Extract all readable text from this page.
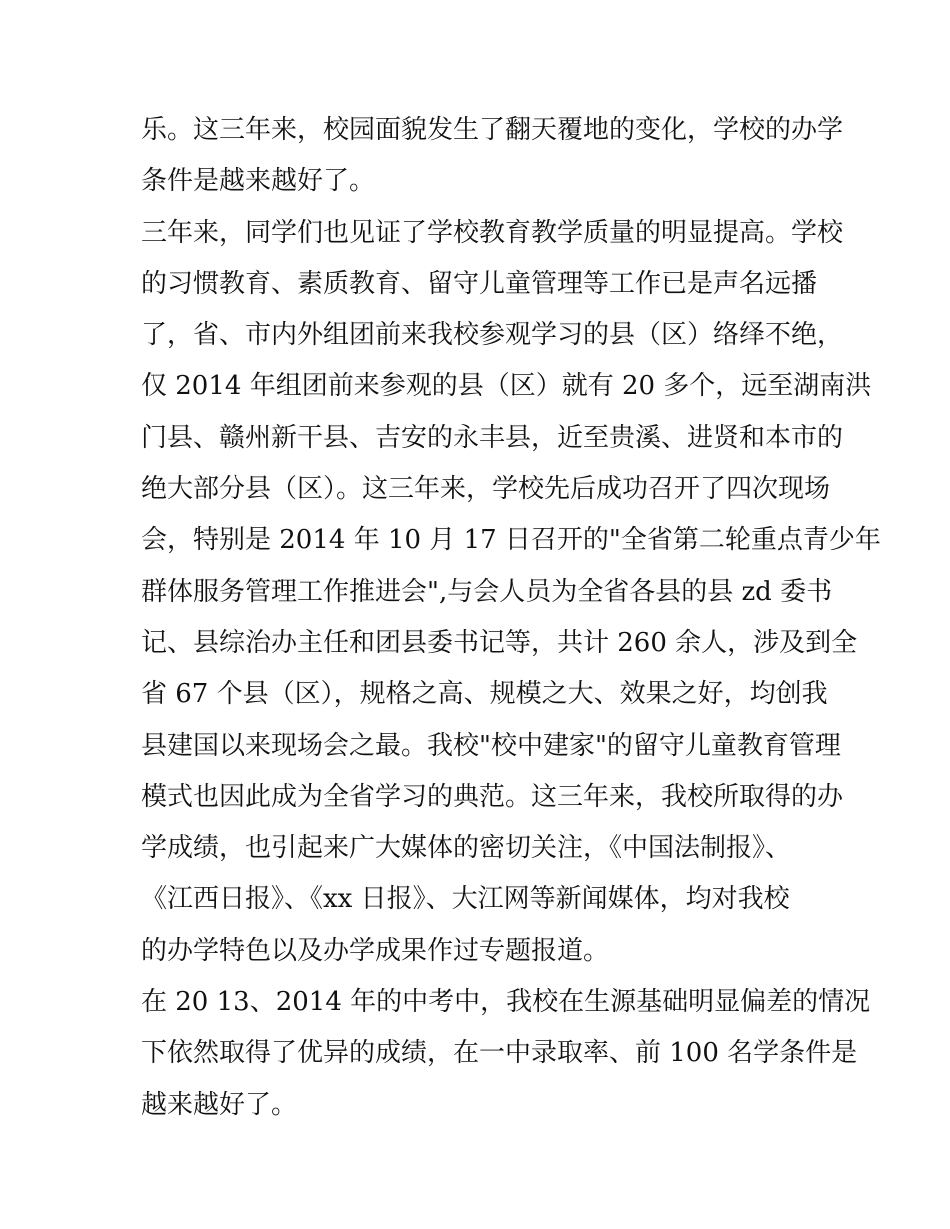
乐。这三年来，校园面貌发生了翻天覆地的变化，学校的办学
条件是越来越好了。
三年来，同学们也见证了学校教育教学质量的明显提高。学校
的习惯教育、素质教育、留守儿童管理等工作已是声名远播
了，省、市内外组团前来我校参观学习的县（区）络绎不绝，
仅 2014 年组团前来参观的县（区）就有 20 多个，远至湖南洪
门县、赣州新干县、吉安的永丰县，近至贵溪、进贤和本市的
绝大部分县（区）。这三年来，学校先后成功召开了四次现场
会，特别是 2014 年 10 月 17 日召开的"全省第二轮重点青少年
群体服务管理工作推进会",与会人员为全省各县的县 zd 委书
记、县综治办主任和团县委书记等，共计 260 余人，涉及到全
省 67 个县（区），规格之高、规模之大、效果之好，均创我
县建国以来现场会之最。我校"校中建家"的留守儿童教育管理
模式也因此成为全省学习的典范。这三年来，我校所取得的办
学成绩，也引起来广大媒体的密切关注，《中国法制报》、
《江西日报》、《xx 日报》、大江网等新闻媒体，均对我校
的办学特色以及办学成果作过专题报道。
在 20 13、2014 年的中考中，我校在生源基础明显偏差的情况
下依然取得了优异的成绩，在一中录取率、前 100 名学条件是
越来越好了。
